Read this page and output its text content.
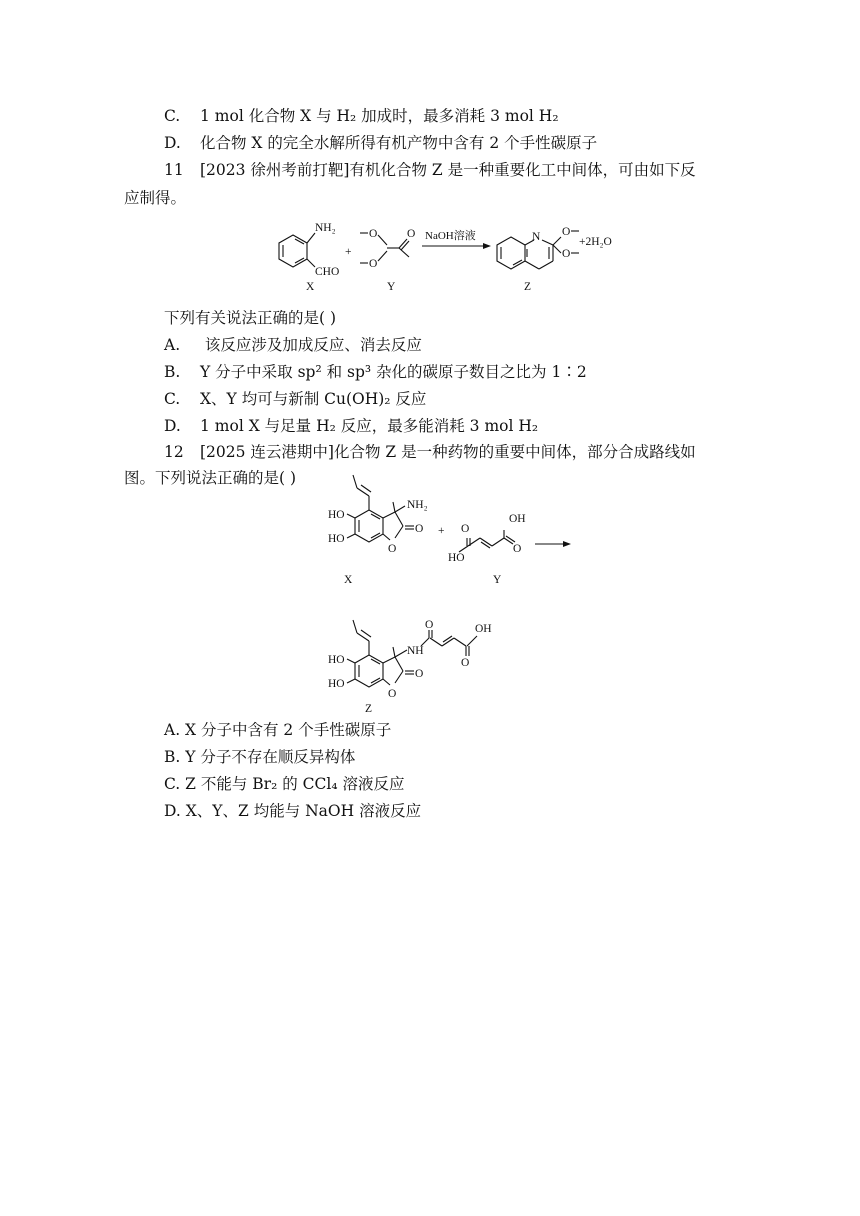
C. 1 mol 化合物 X 与 H₂ 加成时，最多消耗 3 mol H₂
D. 化合物 X 的完全水解所得有机产物中含有 2 个手性碳原子
11 [2023 徐州考前打靶]有机化合物 Z 是一种重要化工中间体，可由如下反
应制得。
NH₂
CHO
+
O
O
O NaOH溶液	N O
O
+2H₂O
X	Y	Z
下列有关说法正确的是( )
A. 该反应涉及加成反应、消去反应
B. Y 分子中采取 sp² 和 sp³ 杂化的碳原子数目之比为 1∶2
C. X、Y 均可与新制 Cu(OH)₂ 反应
D. 1 mol X 与足量 H₂ 反应，最多能消耗 3 mol H₂
12 [2025 连云港期中]化合物 Z 是一种药物的重要中间体，部分合成路线如
图。下列说法正确的是( )
O
O
NH₂
HO
HO
+ O
HO
O
OH
X	Y
O
O
NH
O
O
OH
HO
HO
Z
A. X 分子中含有 2 个手性碳原子
B. Y 分子不存在顺反异构体
C. Z 不能与 Br₂ 的 CCl₄ 溶液反应
D. X、Y、Z 均能与 NaOH 溶液反应
